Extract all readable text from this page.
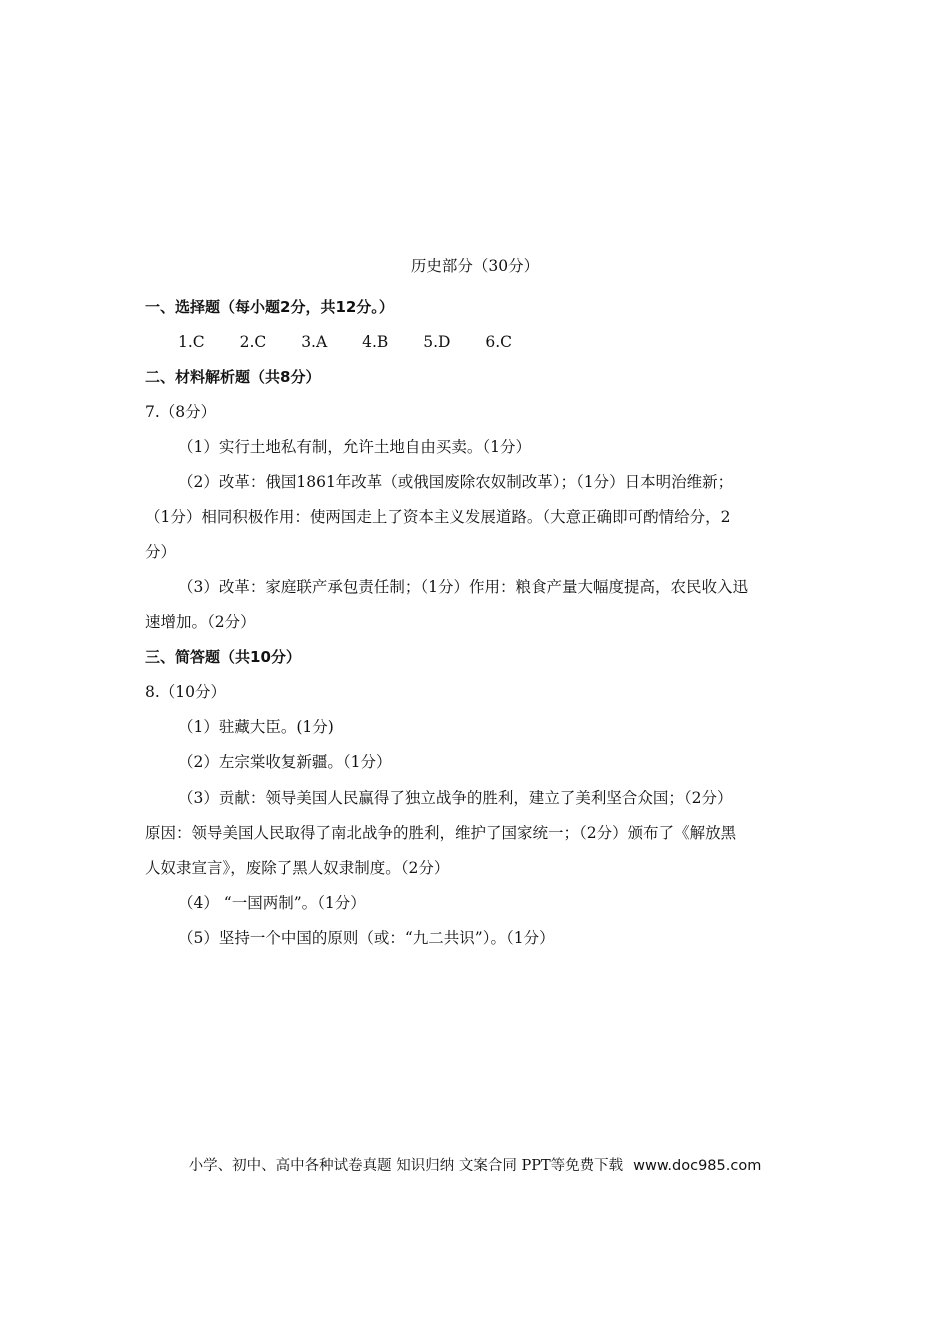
历史部分（30分）
一、选择题（每小题2分，共12分。）
1.C 2.C 3.A 4.B 5.D 6.C
二、材料解析题（共8分）
7.（8分）
（1）实行土地私有制，允许土地自由买卖。（1分）
（2）改革：俄国1861年改革（或俄国废除农奴制改革）；（1分）日本明治维新；
（1分）相同积极作用：使两国走上了资本主义发展道路。（大意正确即可酌情给分，2
分）
（3）改革：家庭联产承包责任制；（1分）作用：粮食产量大幅度提高，农民收入迅
速增加。（2分）
三、简答题（共10分）
8.（10分）
（1）驻藏大臣。(1分)
（2）左宗棠收复新疆。（1分）
（3）贡献：领导美国人民赢得了独立战争的胜利，建立了美利坚合众国；（2分）
原因：领导美国人民取得了南北战争的胜利，维护了国家统一；（2分）颁布了《解放黑
人奴隶宣言》，废除了黑人奴隶制度。（2分）
（4） “一国两制”。（1分）
（5）坚持一个中国的原则（或：“九二共识”）。（1分）
小学、初中、高中各种试卷真题 知识归纳 文案合同 PPT等免费下载 www.doc985.com
